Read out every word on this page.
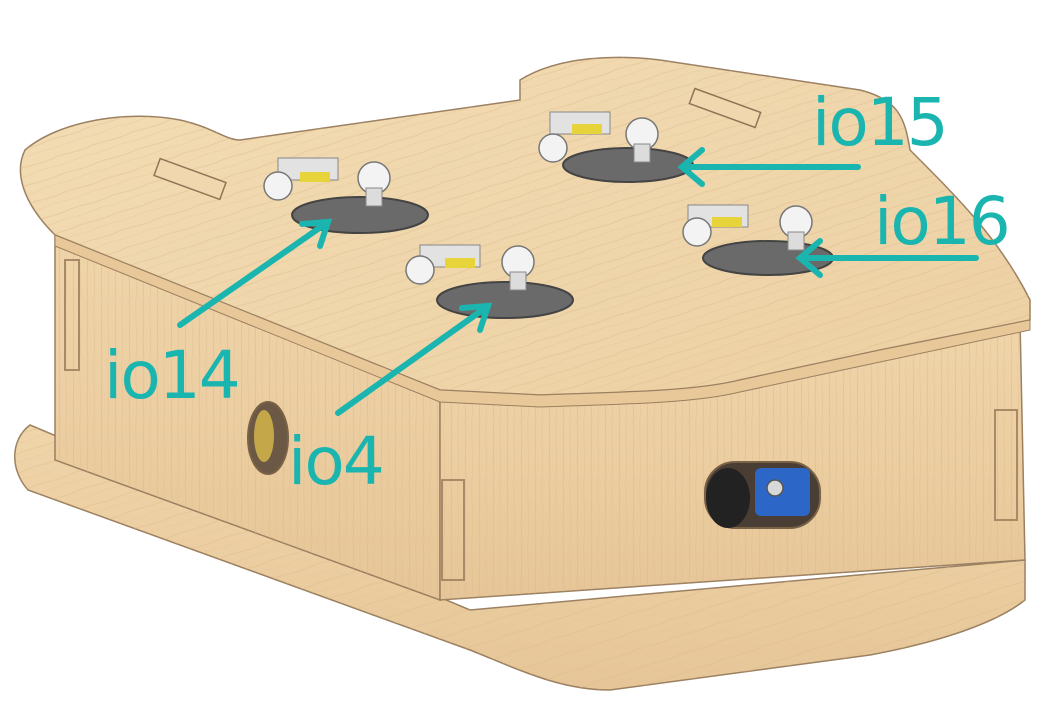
io14
io4
io15
io16
